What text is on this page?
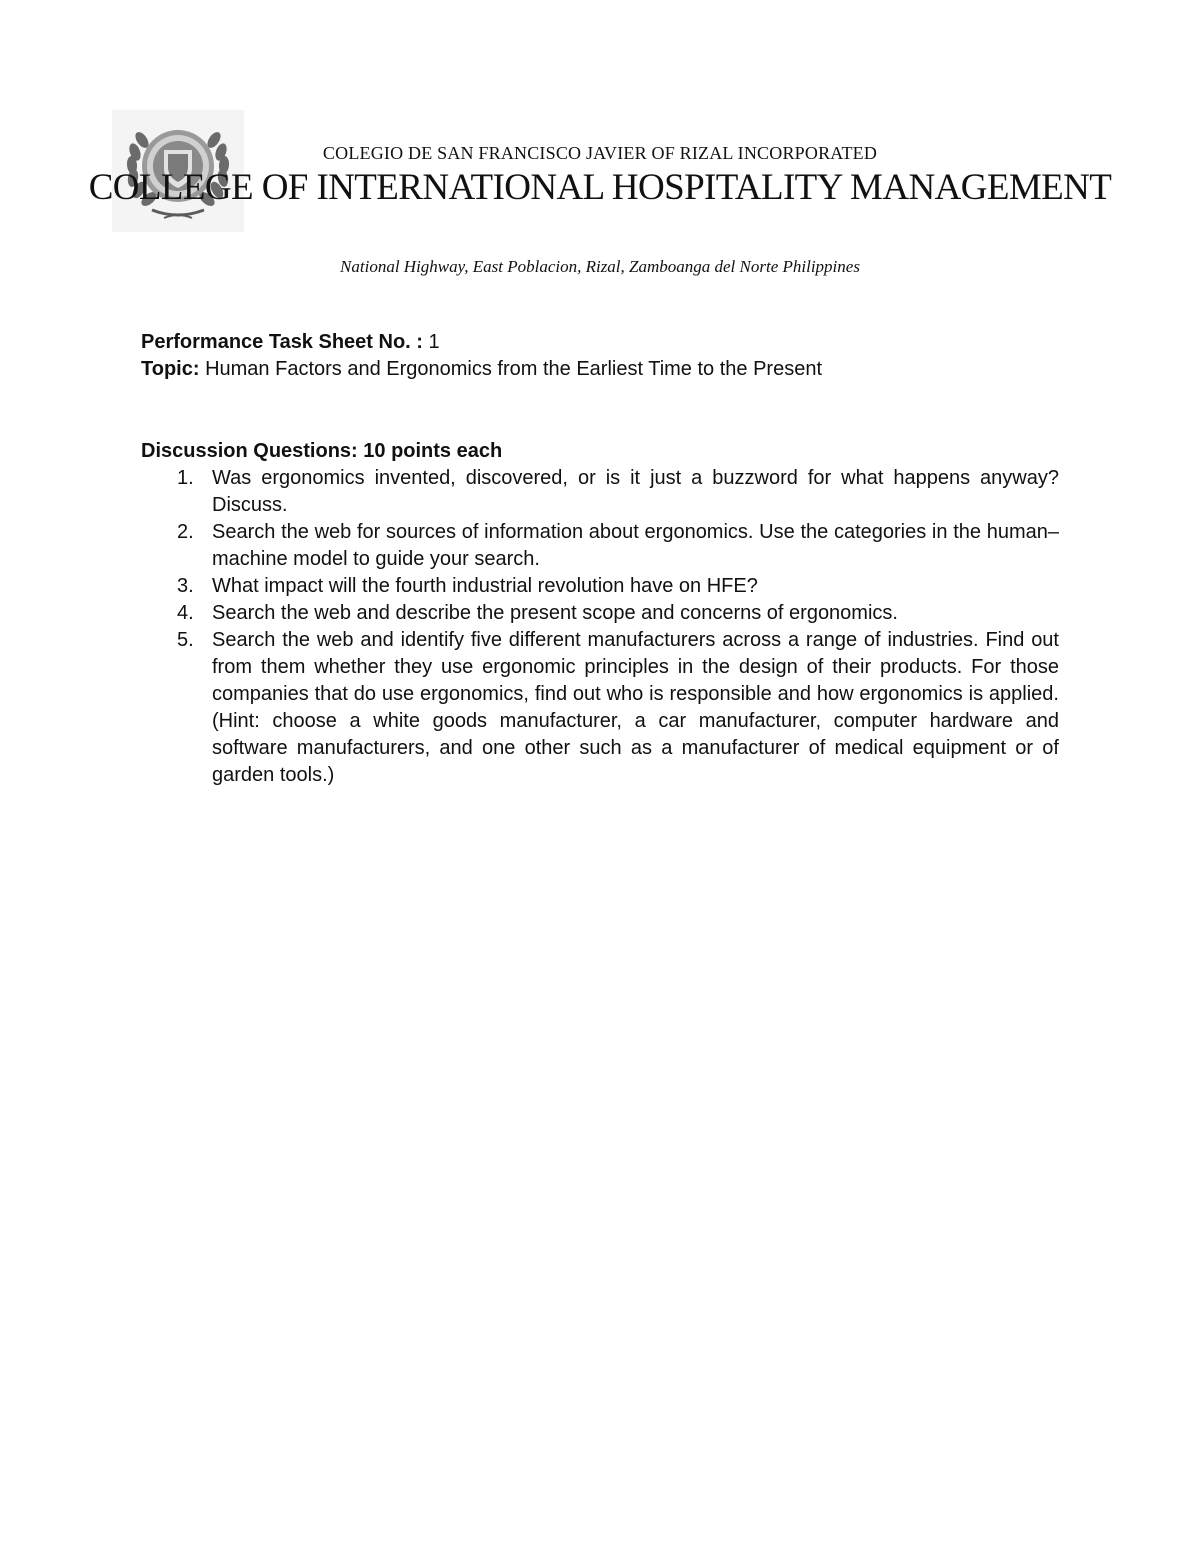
COLEGIO DE SAN FRANCISCO JAVIER OF RIZAL INCORPORATED
COLLEGE OF INTERNATIONAL HOSPITALITY MANAGEMENT
National Highway, East Poblacion, Rizal, Zamboanga del Norte Philippines

Performance Task Sheet No. : 1

Topic: Human Factors and Ergonomics from the Earliest Time to the Present

Discussion Questions: 10 points each
1. Was ergonomics invented, discovered, or is it just a buzzword for what happens anyway? Discuss.
2. Search the web for sources of information about ergonomics. Use the categories in the human–machine model to guide your search.
3. What impact will the fourth industrial revolution have on HFE?
4. Search the web and describe the present scope and concerns of ergonomics.
5. Search the web and identify five different manufacturers across a range of industries. Find out from them whether they use ergonomic principles in the design of their products. For those companies that do use ergonomics, find out who is responsible and how ergonomics is applied. (Hint: choose a white goods manufacturer, a car manufacturer, computer hardware and software manufacturers, and one other such as a manufacturer of medical equipment or of garden tools.)
